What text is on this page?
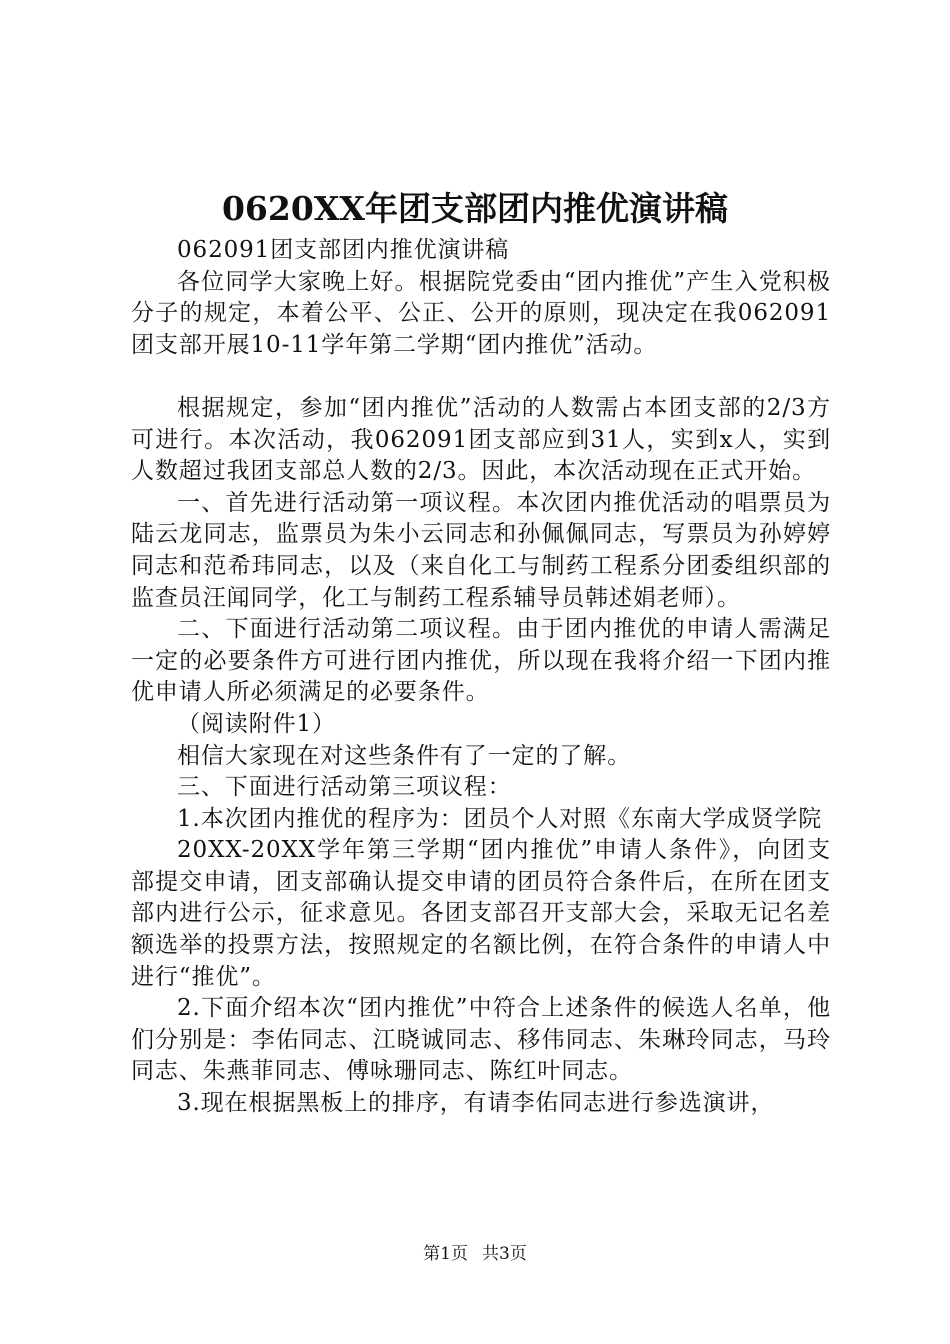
0620XX年团支部团内推优演讲稿

062091团支部团内推优演讲稿

各位同学大家晚上好。根据院党委由“团内推优”产生入党积极分子的规定，本着公平、公正、公开的原则，现决定在我062091团支部开展10-11学年第二学期“团内推优”活动。

根据规定，参加“团内推优”活动的人数需占本团支部的2/3方可进行。本次活动，我062091团支部应到31人，实到x人，实到人数超过我团支部总人数的2/3。因此，本次活动现在正式开始。

一、首先进行活动第一项议程。本次团内推优活动的唱票员为陆云龙同志，监票员为朱小云同志和孙佩佩同志，写票员为孙婷婷同志和范希玮同志，以及（来自化工与制药工程系分团委组织部的监查员汪闻同学，化工与制药工程系辅导员韩述娟老师）。

二、下面进行活动第二项议程。由于团内推优的申请人需满足一定的必要条件方可进行团内推优，所以现在我将介绍一下团内推优申请人所必须满足的必要条件。

（阅读附件1）

相信大家现在对这些条件有了一定的了解。

三、下面进行活动第三项议程：

1.本次团内推优的程序为：团员个人对照《东南大学成贤学院

20XX-20XX学年第三学期“团内推优”申请人条件》，向团支部提交申请，团支部确认提交申请的团员符合条件后，在所在团支部内进行公示，征求意见。各团支部召开支部大会，采取无记名差额选举的投票方法，按照规定的名额比例，在符合条件的申请人中进行“推优”。

2.下面介绍本次“团内推优”中符合上述条件的候选人名单，他们分别是：李佑同志、江晓诚同志、移伟同志、朱琳玲同志，马玲同志、朱燕菲同志、傅咏珊同志、陈红叶同志。

3.现在根据黑板上的排序，有请李佑同志进行参选演讲，

第1页 共3页
